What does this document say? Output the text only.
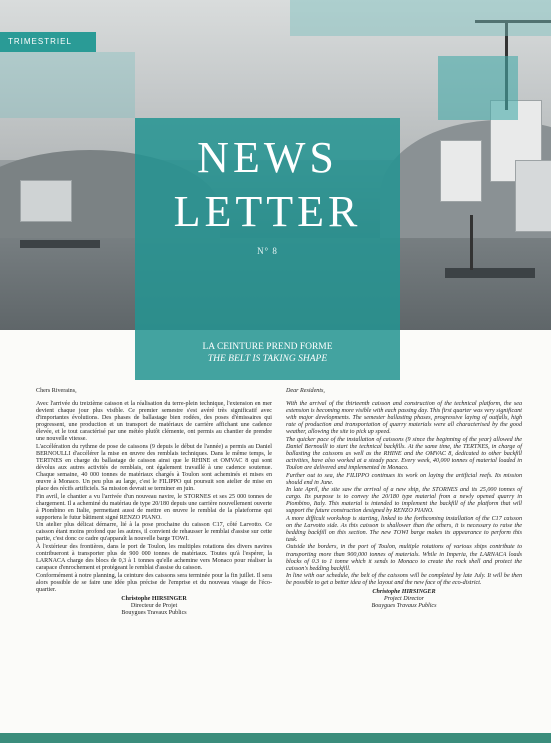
TRIMESTRIEL
NEWS
LETTER
N° 8
LA CEINTURE PREND FORME
THE BELT IS TAKING SHAPE

Chers Riverains,

Avec l'arrivée du treizième caisson et la réalisation du terre-plein technique, l'extension en mer devient chaque jour plus visible. Ce premier semestre s'est avéré très significatif avec d'importantes évolutions. Des phases de ballastage bien rodées, des poses d'émissaires qui progressent, une production et un transport de matériaux de carrière affichant une cadence élevée, et le tout caractérisé par une météo plutôt clémente, ont permis au chantier de prendre une nouvelle vitesse.

L'accélération du rythme de pose de caissons (9 depuis le début de l'année) a permis au Daniel BERNOULLI d'accélérer la mise en œuvre des remblais techniques. Dans le même temps, le TERTNES en charge du ballastage de caisson ainsi que le RHINE et OMVAC 8 qui sont dévolus aux autres activités de remblais, ont également travaillé à une cadence soutenue. Chaque semaine, 40 000 tonnes de matériaux chargés à Toulon sont acheminés et mises en œuvre à Monaco. Un peu plus au large, c'est le FILIPPO qui poursuit son atelier de mise en place des récifs artificiels. Sa mission devrait se terminer en juin.

Fin avril, le chantier a vu l'arrivée d'un nouveau navire, le STORNES et ses 25 000 tonnes de chargement. Il a acheminé du matériau de type 20/180 depuis une carrière nouvellement ouverte à Piombino en Italie, permettant aussi de mettre en œuvre le remblai de la plateforme qui supportera le futur bâtiment signé RENZO PIANO.

Un atelier plus délicat démarre, lié à la pose prochaine du caisson C17, côté Larvotto. Ce caisson étant moins profond que les autres, il convient de rehausser le remblai d'assise sur cette partie, c'est donc ce cadre qu'apparaît la nouvelle barge TOWI.

À l'extérieur des frontières, dans le port de Toulon, les multiples rotations des divers navires contribueront à transporter plus de 900 000 tonnes de matériaux. Toutes qu'à l'espérer, la LARNACA charge des blocs de 0,3 à 1 tonnes qu'elle achemine vers Monaco pour réaliser la carapace d'enrochement et protégeant le remblai d'assise du caisson.

Conformément à notre planning, la ceinture des caissons sera terminée pour la fin juillet. Il sera alors possible de se faire une idée plus précise de l'emprise et du nouveau visage de l'éco-quartier.

Christophe HIRSINGER
Directeur de Projet
Bouygues Travaux Publics

Dear Residents,

With the arrival of the thirteenth caisson and construction of the technical platform, the sea extension is becoming more visible with each passing day. This first quarter was very significant with major developments. The semester ballasting phases, progressive laying of outfalls, high rate of production and transportation of quarry materials were all characterised by the good weather, allowing the site to pick up speed.

The quicker pace of the installation of caissons (9 since the beginning of the year) allowed the Daniel Bernoulli to start the technical backfills. At the same time, the TERTNES, in charge of ballasting the caissons as well as the RHINE and the OMVAC 8, dedicated to other backfill activities, have also worked at a steady pace. Every week, 40,000 tonnes of material loaded in Toulon are delivered and implemented in Monaco.

Further out to sea, the FILIPPO continues its work on laying the artificial reefs. Its mission should end in June.

In late April, the site saw the arrival of a new ship, the STORNES and its 25,000 tonnes of cargo. Its purpose is to convey the 20/180 type material from a newly opened quarry in Piombino, Italy. This material is intended to implement the backfill of the platform that will support the future construction designed by RENZO PIANO.

A more difficult workshop is starting, linked to the forthcoming installation of the C17 caisson on the Larvotto side. As this caisson is shallower than the others, it is necessary to raise the bedding backfill on this section. The new TOWI barge makes its appearance to perform this task.

Outside the borders, in the port of Toulon, multiple rotations of various ships contribute to transporting more than 900,000 tonnes of materials. While in Imperia, the LARNACA loads blocks of 0.3 to 1 tonne which it sends to Monaco to create the rock shell and protect the caisson's bedding backfill.

In line with our schedule, the belt of the caissons will be completed by late July. It will be then be possible to get a better idea of the layout and the new face of the eco-district.

Christophe HIRSINGER
Project Director
Bouygues Travaux Publics
